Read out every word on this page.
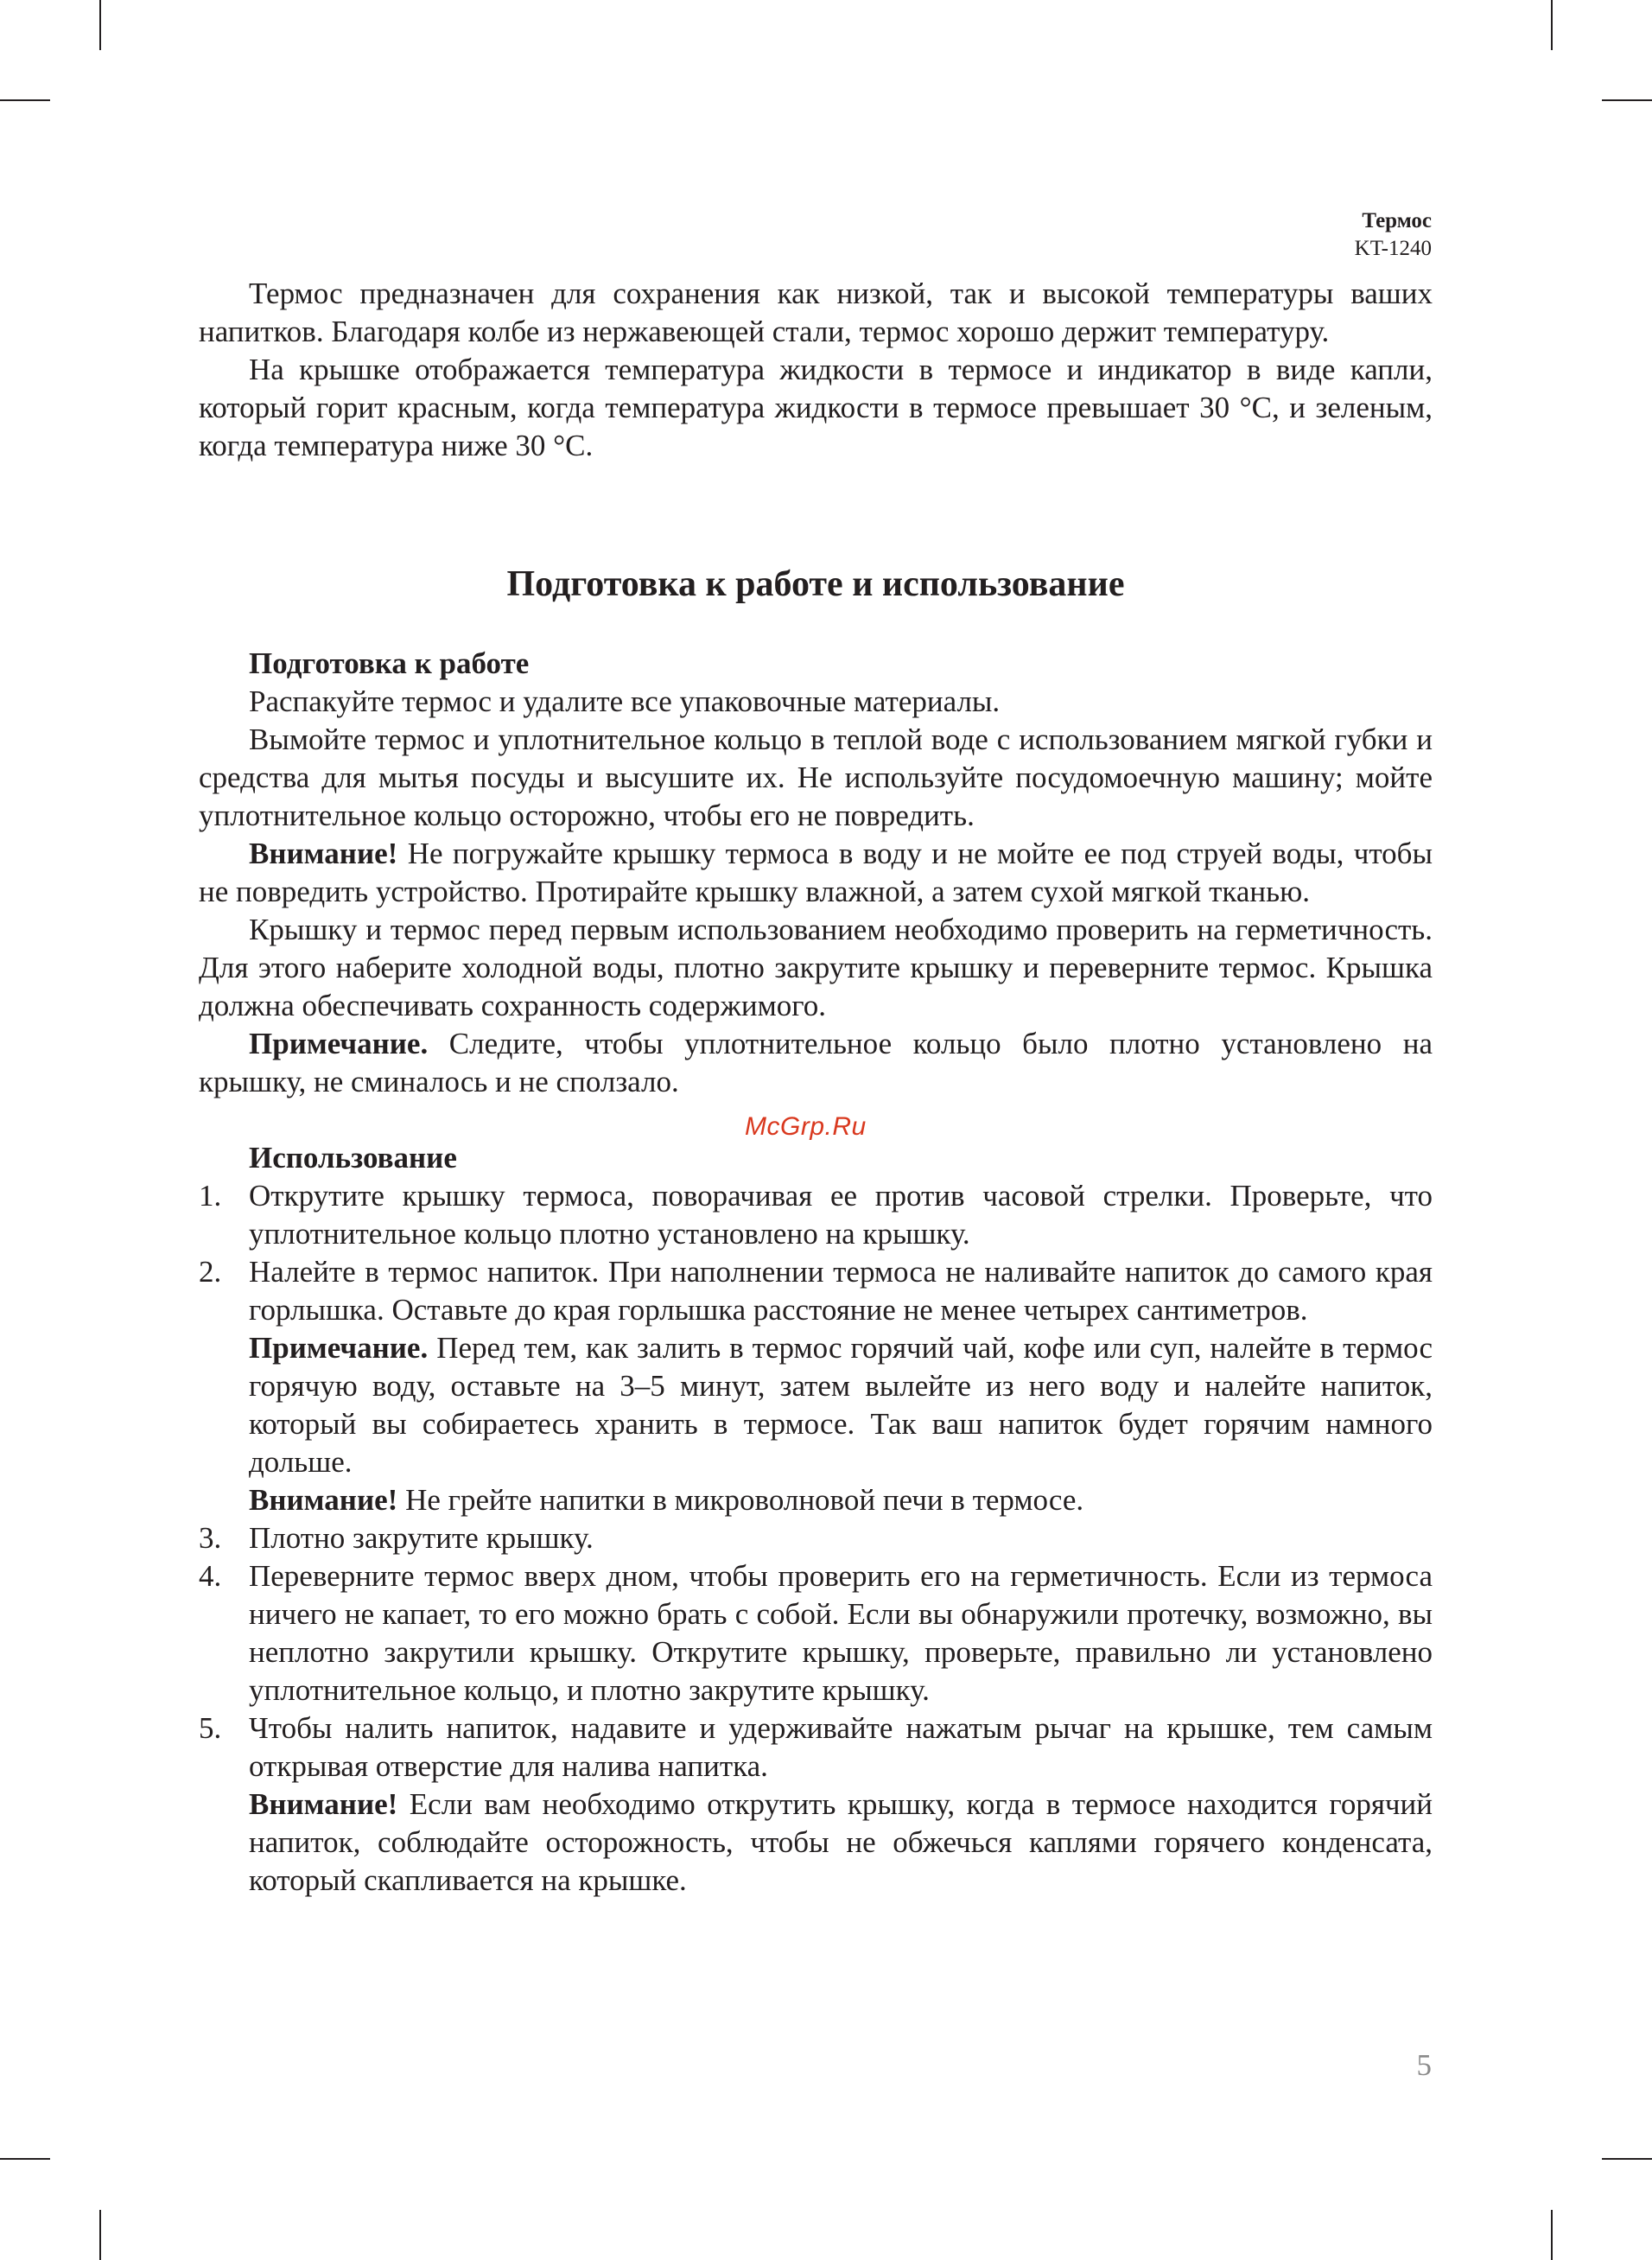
Термос
KT-1240

Термос предназначен для сохранения как низкой, так и высокой температуры ваших напитков. Благодаря колбе из нержавеющей стали, термос хорошо держит температуру.

На крышке отображается температура жидкости в термосе и индикатор в виде капли, который горит красным, когда температура жидкости в термосе превышает 30 °С, и зеленым, когда температура ниже 30 °С.

Подготовка к работе и использование
Подготовка к работе

Распакуйте термос и удалите все упаковочные материалы.

Вымойте термос и уплотнительное кольцо в теплой воде с использованием мягкой губки и средства для мытья посуды и высушите их. Не используйте посудомоечную машину; мойте уплотнительное кольцо осторожно, чтобы его не повредить.

Внимание! Не погружайте крышку термоса в воду и не мойте ее под струей воды, чтобы не повредить устройство. Протирайте крышку влажной, а затем сухой мягкой тканью.

Крышку и термос перед первым использованием необходимо проверить на герметичность. Для этого наберите холодной воды, плотно закрутите крышку и переверните термос. Крышка должна обеспечивать сохранность содержимого.

Примечание. Следите, чтобы уплотнительное кольцо было плотно установлено на крышку, не сминалось и не сползало.

Использование
1. Открутите крышку термоса, поворачивая ее против часовой стрелки. Проверьте, что уплотнительное кольцо плотно установлено на крышку.
2. Налейте в термос напиток. При наполнении термоса не наливайте напиток до самого края горлышка. Оставьте до края горлышка расстояние не менее четырех сантиметров.
Примечание. Перед тем, как залить в термос горячий чай, кофе или суп, налейте в термос горячую воду, оставьте на 3–5 минут, затем вылейте из него воду и налейте напиток, который вы собираетесь хранить в термосе. Так ваш напиток будет горячим намного дольше.
Внимание! Не грейте напитки в микроволновой печи в термосе.
3. Плотно закрутите крышку.
4. Переверните термос вверх дном, чтобы проверить его на герметичность. Если из термоса ничего не капает, то его можно брать с собой. Если вы обнаружили протечку, возможно, вы неплотно закрутили крышку. Открутите крышку, проверьте, правильно ли установлено уплотнительное кольцо, и плотно закрутите крышку.
5. Чтобы налить напиток, надавите и удерживайте нажатым рычаг на крышке, тем самым открывая отверстие для налива напитка.
Внимание! Если вам необходимо открутить крышку, когда в термосе находится горячий напиток, соблюдайте осторожность, чтобы не обжечься каплями горячего конденсата, который скапливается на крышке.
McGrp.Ru
5
